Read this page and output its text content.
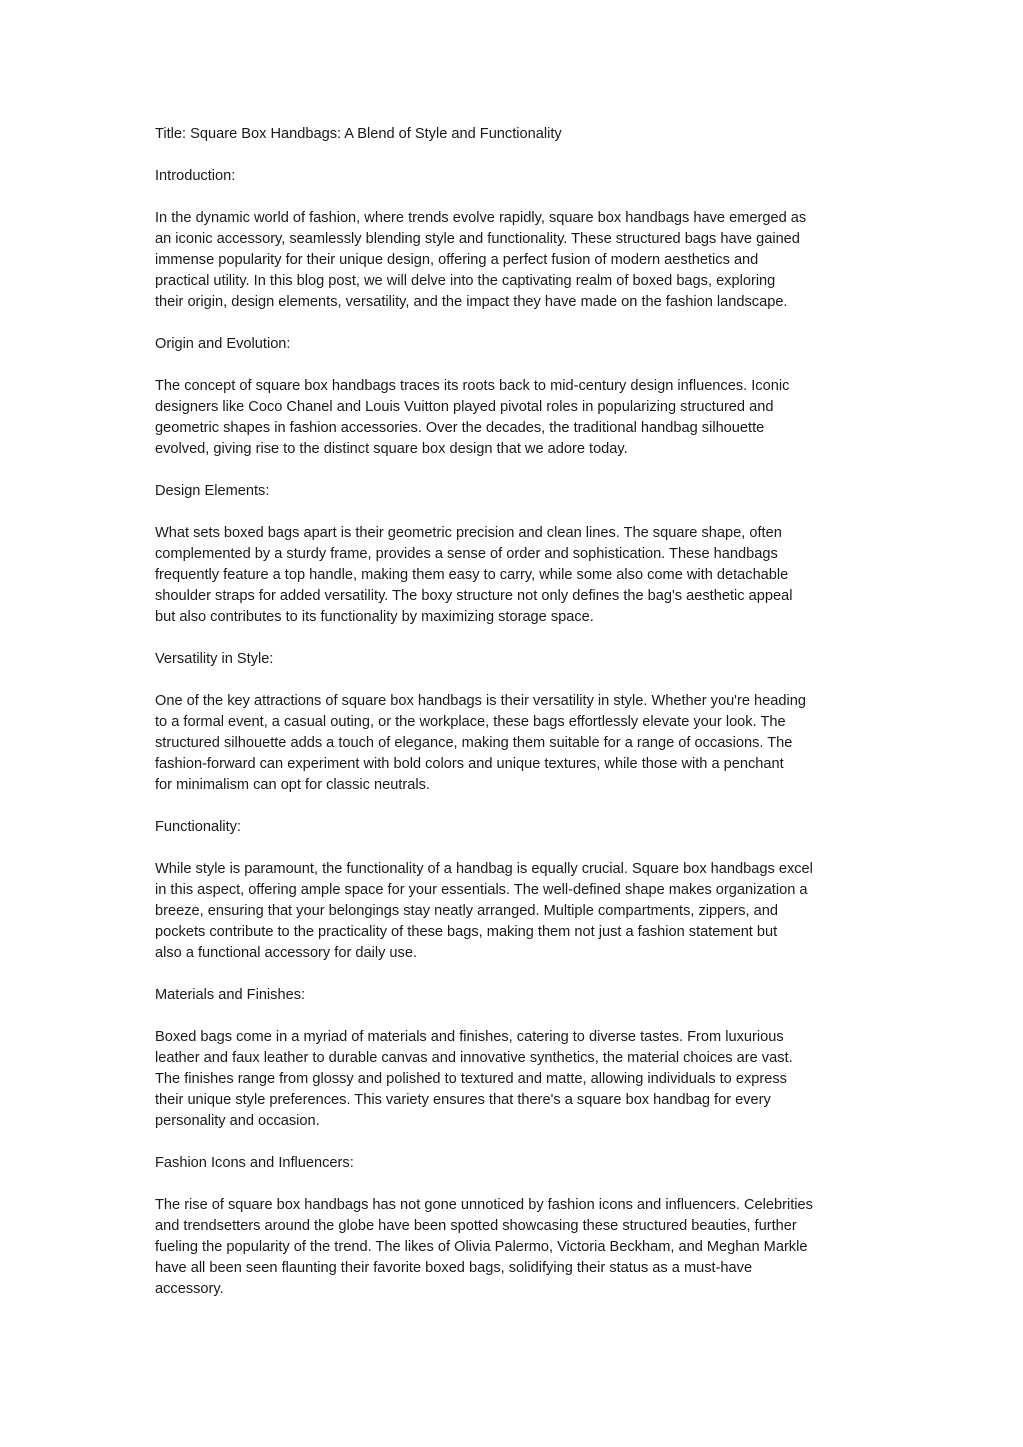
Title: Square Box Handbags: A Blend of Style and Functionality

Introduction:

In the dynamic world of fashion, where trends evolve rapidly, square box handbags have emerged as
an iconic accessory, seamlessly blending style and functionality. These structured bags have gained
immense popularity for their unique design, offering a perfect fusion of modern aesthetics and
practical utility. In this blog post, we will delve into the captivating realm of boxed bags, exploring
their origin, design elements, versatility, and the impact they have made on the fashion landscape.

Origin and Evolution:

The concept of square box handbags traces its roots back to mid-century design influences. Iconic
designers like Coco Chanel and Louis Vuitton played pivotal roles in popularizing structured and
geometric shapes in fashion accessories. Over the decades, the traditional handbag silhouette
evolved, giving rise to the distinct square box design that we adore today.

Design Elements:

What sets boxed bags apart is their geometric precision and clean lines. The square shape, often
complemented by a sturdy frame, provides a sense of order and sophistication. These handbags
frequently feature a top handle, making them easy to carry, while some also come with detachable
shoulder straps for added versatility. The boxy structure not only defines the bag's aesthetic appeal
but also contributes to its functionality by maximizing storage space.

Versatility in Style:

One of the key attractions of square box handbags is their versatility in style. Whether you're heading
to a formal event, a casual outing, or the workplace, these bags effortlessly elevate your look. The
structured silhouette adds a touch of elegance, making them suitable for a range of occasions. The
fashion-forward can experiment with bold colors and unique textures, while those with a penchant
for minimalism can opt for classic neutrals.

Functionality:

While style is paramount, the functionality of a handbag is equally crucial. Square box handbags excel
in this aspect, offering ample space for your essentials. The well-defined shape makes organization a
breeze, ensuring that your belongings stay neatly arranged. Multiple compartments, zippers, and
pockets contribute to the practicality of these bags, making them not just a fashion statement but
also a functional accessory for daily use.

Materials and Finishes:

Boxed bags come in a myriad of materials and finishes, catering to diverse tastes. From luxurious
leather and faux leather to durable canvas and innovative synthetics, the material choices are vast.
The finishes range from glossy and polished to textured and matte, allowing individuals to express
their unique style preferences. This variety ensures that there's a square box handbag for every
personality and occasion.

Fashion Icons and Influencers:

The rise of square box handbags has not gone unnoticed by fashion icons and influencers. Celebrities
and trendsetters around the globe have been spotted showcasing these structured beauties, further
fueling the popularity of the trend. The likes of Olivia Palermo, Victoria Beckham, and Meghan Markle
have all been seen flaunting their favorite boxed bags, solidifying their status as a must-have
accessory.
